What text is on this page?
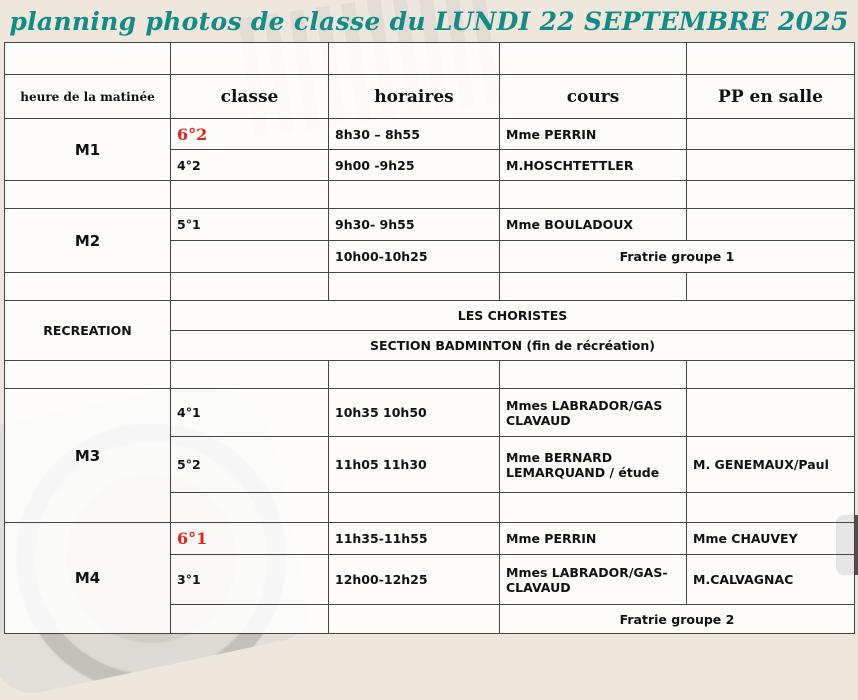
planning photos de classe du LUNDI 22 SEPTEMBRE 2025

heure de la matinée	classe	horaires	cours	PP en salle
M1	6°2	8h30 – 8h55	Mme PERRIN	
	4°2	9h00 -9h25	M.HOSCHTETTLER	

M2	5°1	9h30- 9h55	Mme BOULADOUX	
		10h00-10h25	Fratrie groupe 1	

RECREATION	LES CHORISTES			
	SECTION BADMINTON (fin de récréation)			

M3	4°1	10h35 10h50	Mmes LABRADOR/GAS CLAVAUD	
	5°2	11h05 11h30	Mme BERNARD LEMARQUAND / étude	M. GENEMAUX/Paul

M4	6°1	11h35-11h55	Mme PERRIN	Mme CHAUVEY
	3°1	12h00-12h25	Mmes LABRADOR/GAS-CLAVAUD	M.CALVAGNAC
			Fratrie groupe 2	
